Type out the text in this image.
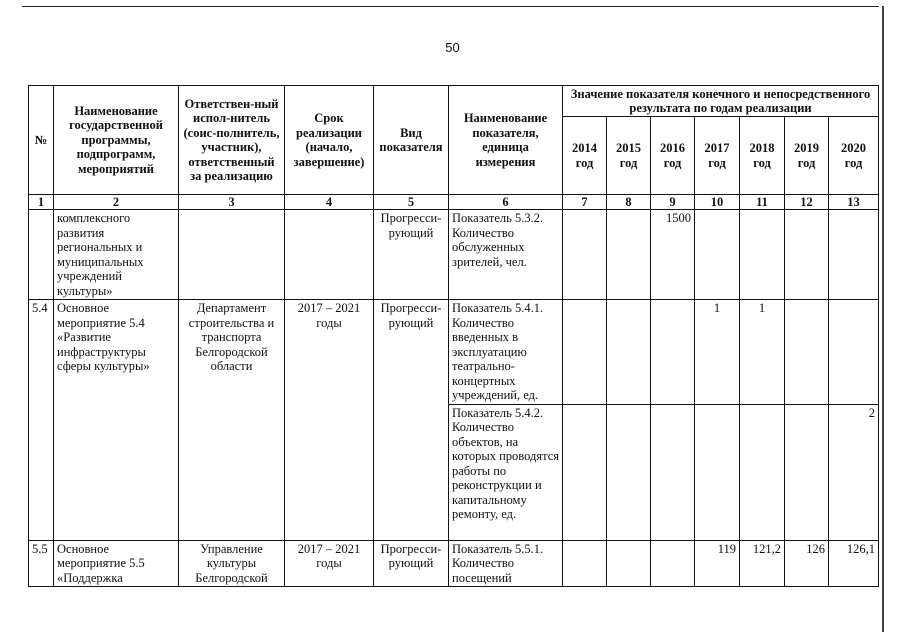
50
№	Наименование государственной программы, подпрограмм, мероприятий	Ответствен-ный испол-нитель (соис-полнитель, участник), ответственный за реализацию	Срок реализации (начало, завершение)	Вид показателя	Наименование показателя, единица измерения	Значение показателя конечного и непосредственного результата по годам реализации						
						2014 год	2015 год	2016 год	2017 год	2018 год	2019 год	2020 год
1	2	3	4	5	6	7	8	9	10	11	12	13
	комплексного развития региональных и муниципальных учреждений культуры»			Прогресси-рующий	Показатель 5.3.2. Количество обслуженных зрителей, чел.			1500				
5.4	Основное мероприятие 5.4 «Развитие инфраструктуры сферы культуры»	Департамент строительства и транспорта Белгородской области	2017 – 2021 годы	Прогресси-рующий	Показатель 5.4.1. Количество введенных в эксплуатацию театрально-концертных учреждений, ед.				1	1		
					Показатель 5.4.2. Количество объектов, на которых проводятся работы по реконструкции и капитальному ремонту, ед.							2
5.5	Основное мероприятие 5.5 «Поддержка	Управление культуры Белгородской	2017 – 2021 годы	Прогресси-рующий	Показатель 5.5.1. Количество посещений				119	121,2	126	126,1
